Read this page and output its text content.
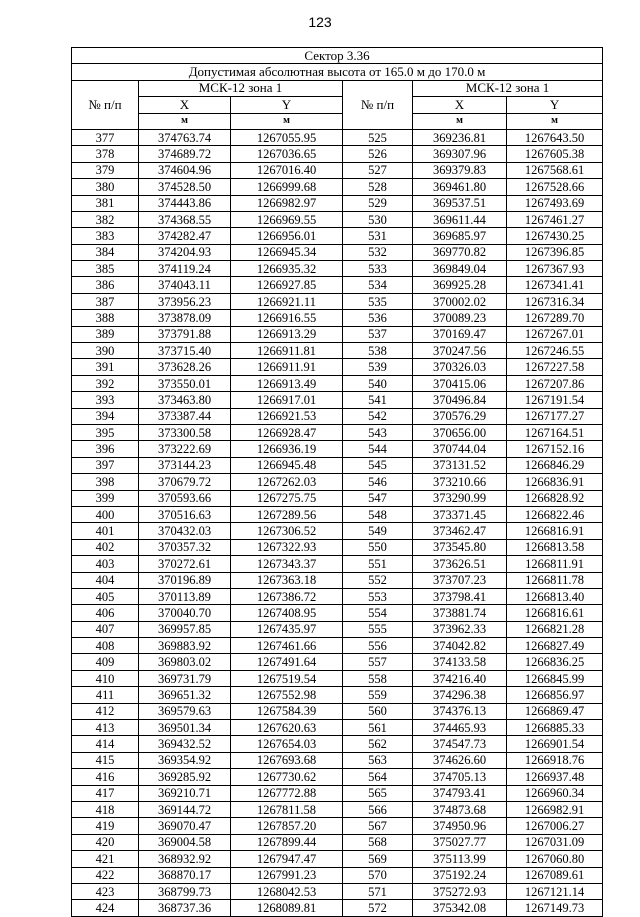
123
Сектор 3.36					
Допустимая абсолютная высота от 165.0 м до 170.0 м					
№ п/п	МСК-12 зона 1		№ п/п	МСК-12 зона 1	
	X	Y		X	Y
	м	м		м	м
377	374763.74	1267055.95	525	369236.81	1267643.50
378	374689.72	1267036.65	526	369307.96	1267605.38
379	374604.96	1267016.40	527	369379.83	1267568.61
380	374528.50	1266999.68	528	369461.80	1267528.66
381	374443.86	1266982.97	529	369537.51	1267493.69
382	374368.55	1266969.55	530	369611.44	1267461.27
383	374282.47	1266956.01	531	369685.97	1267430.25
384	374204.93	1266945.34	532	369770.82	1267396.85
385	374119.24	1266935.32	533	369849.04	1267367.93
386	374043.11	1266927.85	534	369925.28	1267341.41
387	373956.23	1266921.11	535	370002.02	1267316.34
388	373878.09	1266916.55	536	370089.23	1267289.70
389	373791.88	1266913.29	537	370169.47	1267267.01
390	373715.40	1266911.81	538	370247.56	1267246.55
391	373628.26	1266911.91	539	370326.03	1267227.58
392	373550.01	1266913.49	540	370415.06	1267207.86
393	373463.80	1266917.01	541	370496.84	1267191.54
394	373387.44	1266921.53	542	370576.29	1267177.27
395	373300.58	1266928.47	543	370656.00	1267164.51
396	373222.69	1266936.19	544	370744.04	1267152.16
397	373144.23	1266945.48	545	373131.52	1266846.29
398	370679.72	1267262.03	546	373210.66	1266836.91
399	370593.66	1267275.75	547	373290.99	1266828.92
400	370516.63	1267289.56	548	373371.45	1266822.46
401	370432.03	1267306.52	549	373462.47	1266816.91
402	370357.32	1267322.93	550	373545.80	1266813.58
403	370272.61	1267343.37	551	373626.51	1266811.91
404	370196.89	1267363.18	552	373707.23	1266811.78
405	370113.89	1267386.72	553	373798.41	1266813.40
406	370040.70	1267408.95	554	373881.74	1266816.61
407	369957.85	1267435.97	555	373962.33	1266821.28
408	369883.92	1267461.66	556	374042.82	1266827.49
409	369803.02	1267491.64	557	374133.58	1266836.25
410	369731.79	1267519.54	558	374216.40	1266845.99
411	369651.32	1267552.98	559	374296.38	1266856.97
412	369579.63	1267584.39	560	374376.13	1266869.47
413	369501.34	1267620.63	561	374465.93	1266885.33
414	369432.52	1267654.03	562	374547.73	1266901.54
415	369354.92	1267693.68	563	374626.60	1266918.76
416	369285.92	1267730.62	564	374705.13	1266937.48
417	369210.71	1267772.88	565	374793.41	1266960.34
418	369144.72	1267811.58	566	374873.68	1266982.91
419	369070.47	1267857.20	567	374950.96	1267006.27
420	369004.58	1267899.44	568	375027.77	1267031.09
421	368932.92	1267947.47	569	375113.99	1267060.80
422	368870.17	1267991.23	570	375192.24	1267089.61
423	368799.73	1268042.53	571	375272.93	1267121.14
424	368737.36	1268089.81	572	375342.08	1267149.73
